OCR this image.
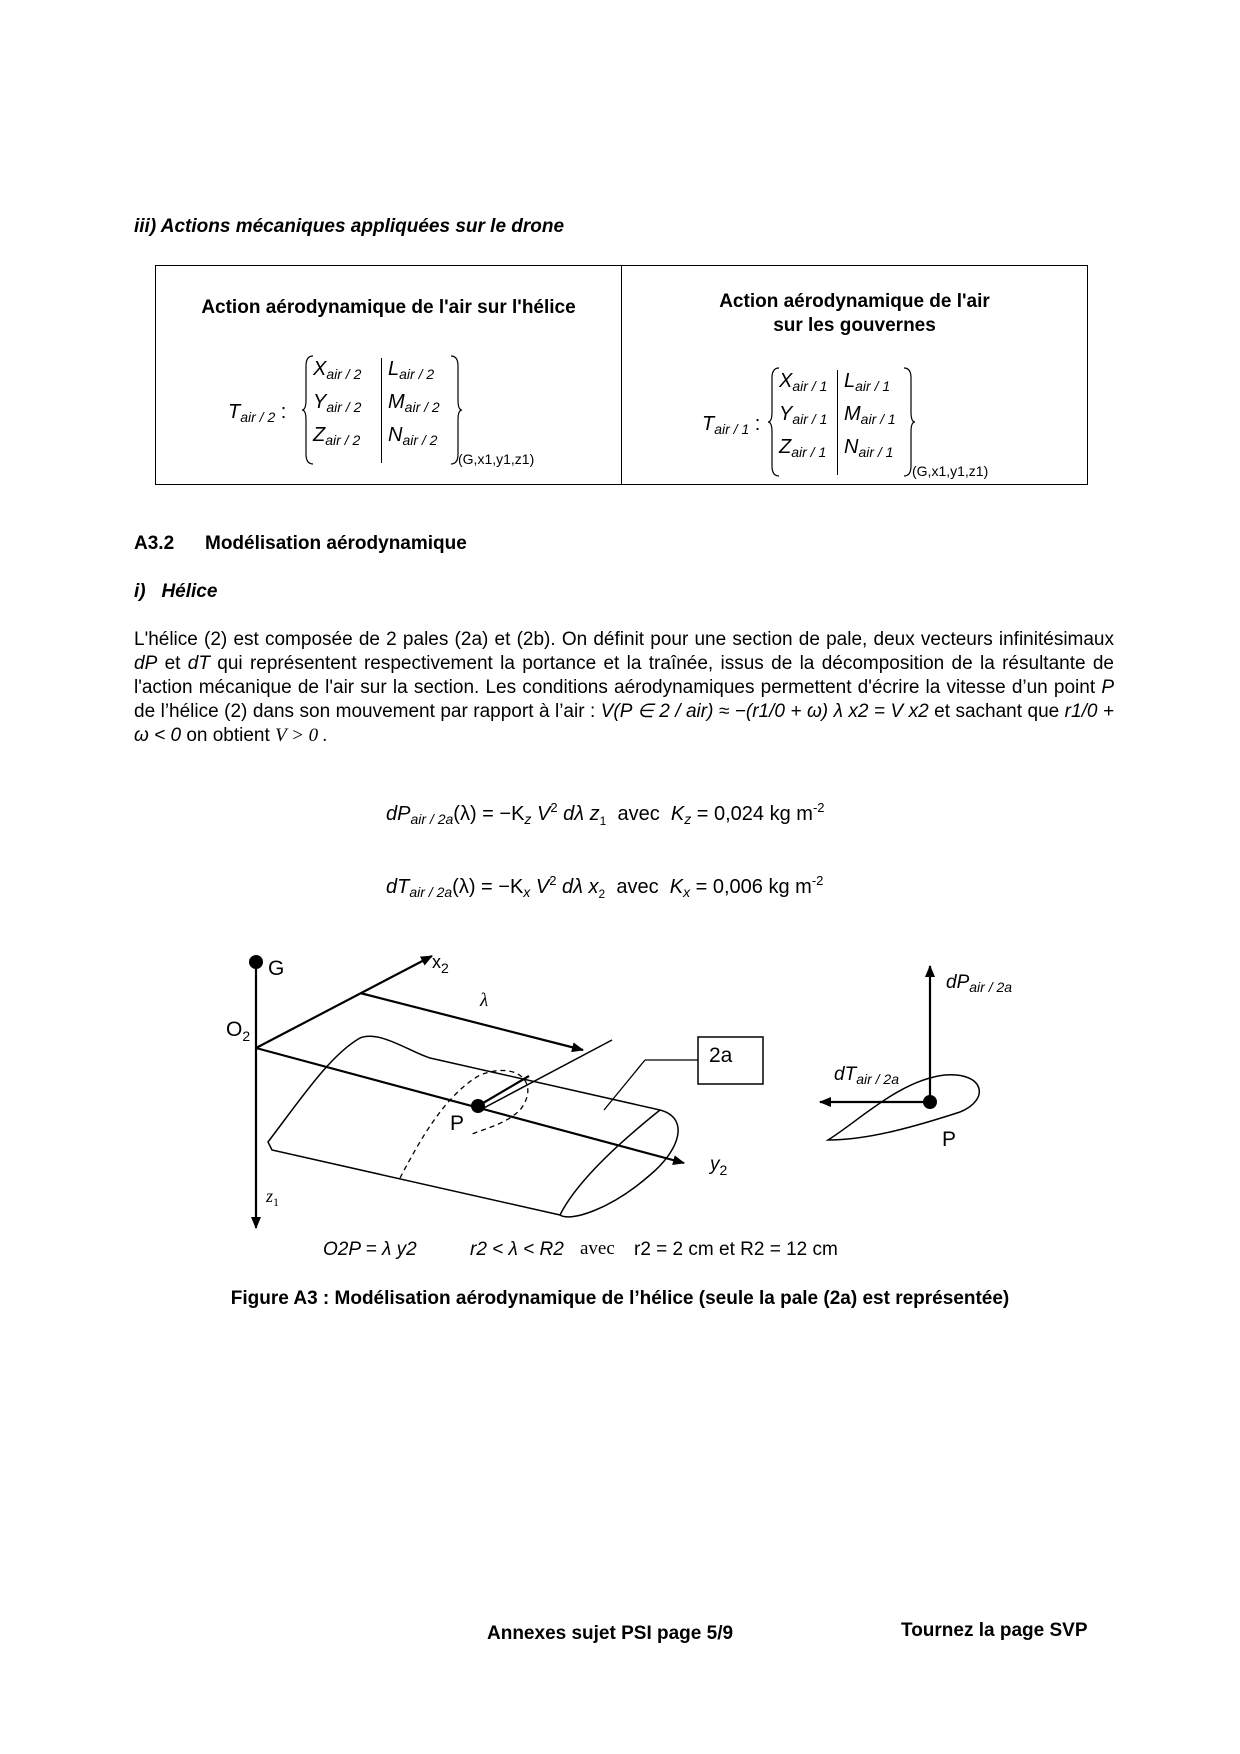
iii) Actions mécaniques appliquées sur le drone
Action aérodynamique de l'air sur l'hélice
$T_{air / 2}$ :
$X_{air / 2}$
$Y_{air / 2}$
$Z_{air / 2}$
$L_{air / 2}$
$M_{air / 2}$
$N_{air / 2}$
(G,x1,y1,z1)
Action aérodynamique de l'air
sur les gouvernes
$T_{air / 1}$ :
$X_{air / 1}$
$Y_{air / 1}$
$Z_{air / 1}$
$L_{air / 1}$
$M_{air / 1}$
$N_{air / 1}$
(G,x1,y1,z1)
A3.2 Modélisation aérodynamique
i)   Hélice
L'hélice (2) est composée de 2 pales (2a) et (2b). On définit pour une section de pale, deux vecteurs infinitésimaux dP et dT qui représentent respectivement la portance et la traînée, issus de la décomposition de la résultante de l'action mécanique de l'air sur la section. Les conditions aérodynamiques permettent d'écrire la vitesse d’un point P de l’hélice (2) dans son mouvement par rapport à l’air : V(P ∈ 2 / air) ≈ −(r1/0 + ω) λ x2 = V x2 et sachant que r1/0 + ω < 0 on obtient V > 0 .
$dP_{air / 2a}(\lambda) = -K_z$ $V^2$ dλ $z_1$ avec $K_z = 0,024$ kg $m^{-2}$
$dT_{air / 2a}(\lambda) = -K_x$ $V^2$ dλ $x_2$ avec $K_x = 0,006$ kg $m^{-2}$
G
$O_2$
$x_2$
λ
2a
P
$y_2$
$z_1$
$dP_{air / 2a}$
$dT_{air / 2a}$
P
O2P = λ y2	r2 < λ < R2 avec r2 = 2 cm et R2 = 12 cm
Figure A3 : Modélisation aérodynamique de l’hélice (seule la pale (2a) est représentée)
Annexes sujet PSI page 5/9	Tournez la page SVP
